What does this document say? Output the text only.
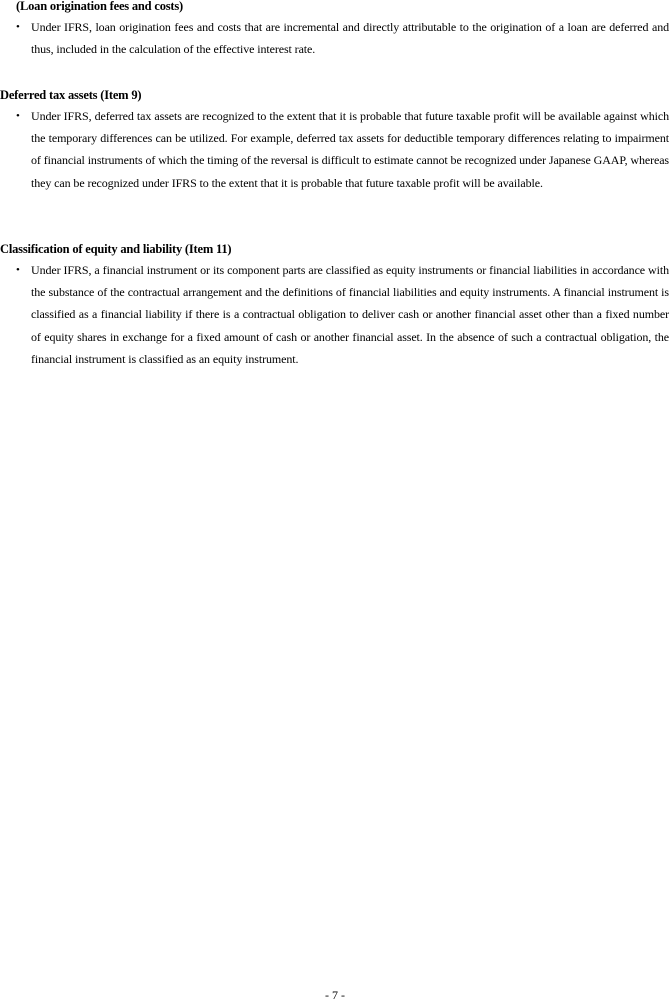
(Loan origination fees and costs)
• Under IFRS, loan origination fees and costs that are incremental and directly attributable to the origination of a loan are deferred and thus, included in the calculation of the effective interest rate.
Deferred tax assets (Item 9)
• Under IFRS, deferred tax assets are recognized to the extent that it is probable that future taxable profit will be available against which the temporary differences can be utilized. For example, deferred tax assets for deductible temporary differences relating to impairment of financial instruments of which the timing of the reversal is difficult to estimate cannot be recognized under Japanese GAAP, whereas they can be recognized under IFRS to the extent that it is probable that future taxable profit will be available.
Classification of equity and liability (Item 11)
• Under IFRS, a financial instrument or its component parts are classified as equity instruments or financial liabilities in accordance with the substance of the contractual arrangement and the definitions of financial liabilities and equity instruments. A financial instrument is classified as a financial liability if there is a contractual obligation to deliver cash or another financial asset other than a fixed number of equity shares in exchange for a fixed amount of cash or another financial asset. In the absence of such a contractual obligation, the financial instrument is classified as an equity instrument.
- 7 -
